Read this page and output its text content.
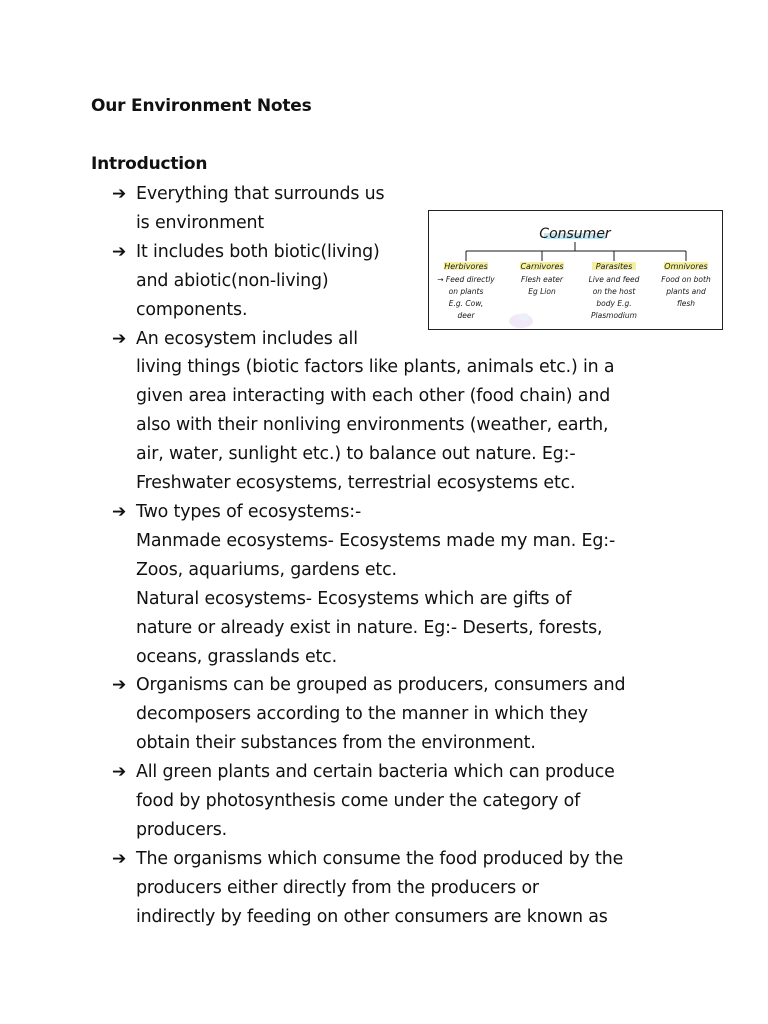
Our Environment Notes
Introduction
➔ Everything that surrounds us
is environment
➔ It includes both biotic(living)
and abiotic(non-living)
components.
➔ An ecosystem includes all
living things (biotic factors like plants, animals etc.) in a
given area interacting with each other (food chain) and
also with their nonliving environments (weather, earth,
air, water, sunlight etc.) to balance out nature. Eg:-
Freshwater ecosystems, terrestrial ecosystems etc.
➔ Two types of ecosystems:-
Manmade ecosystems- Ecosystems made my man. Eg:-
Zoos, aquariums, gardens etc.
Natural ecosystems- Ecosystems which are gifts of
nature or already exist in nature. Eg:- Deserts, forests,
oceans, grasslands etc.
➔ Organisms can be grouped as producers, consumers and
decomposers according to the manner in which they
obtain their substances from the environment.
➔ All green plants and certain bacteria which can produce
food by photosynthesis come under the category of
producers.
➔ The organisms which consume the food produced by the
producers either directly from the producers or
indirectly by feeding on other consumers are known as
Consumer
Herbivores
→ Feed directly
on plants
E.g. Cow,
deer
Carnivores
Flesh eater
Eg Lion
Parasites
Live and feed
on the host
body E.g.
Plasmodium
Omnivores
Food on both
plants and
flesh
